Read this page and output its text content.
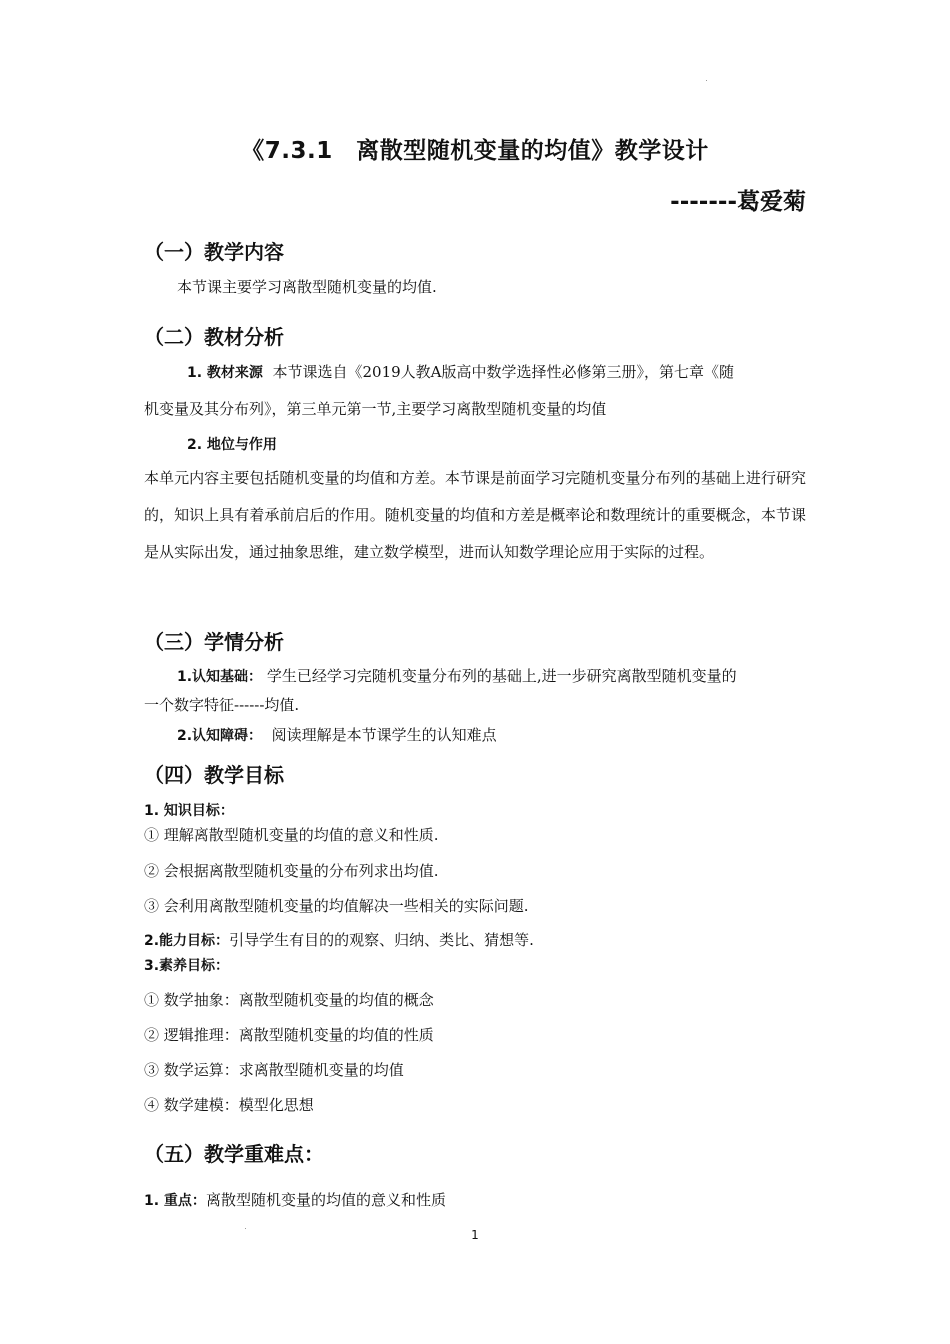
《7.3.1　离散型随机变量的均值》教学设计
-------葛爱菊
（一）教学内容
本节课主要学习离散型随机变量的均值.
（二）教材分析
1. 教材来源 本节课选自《2019人教A版高中数学选择性必修第三册》，第七章《随
机变量及其分布列》，第三单元第一节,主要学习离散型随机变量的均值
2. 地位与作用
本单元内容主要包括随机变量的均值和方差。本节课是前面学习完随机变量分布列的基础上进行研究的，知识上具有着承前启后的作用。随机变量的均值和方差是概率论和数理统计的重要概念，本节课是从实际出发，通过抽象思维，建立数学模型，进而认知数学理论应用于实际的过程。
（三）学情分析
1.认知基础： 学生已经学习完随机变量分布列的基础上,进一步研究离散型随机变量的
一个数字特征------均值.
2.认知障碍： 阅读理解是本节课学生的认知难点
（四）教学目标
1. 知识目标：
① 理解离散型随机变量的均值的意义和性质.
② 会根据离散型随机变量的分布列求出均值.
③ 会利用离散型随机变量的均值解决一些相关的实际问题.
2.能力目标：引导学生有目的的观察、归纳、类比、猜想等.
3.素养目标：
① 数学抽象：离散型随机变量的均值的概念
② 逻辑推理：离散型随机变量的均值的性质
③ 数学运算：求离散型随机变量的均值
④ 数学建模：模型化思想
（五）教学重难点：
1. 重点：离散型随机变量的均值的意义和性质
1
